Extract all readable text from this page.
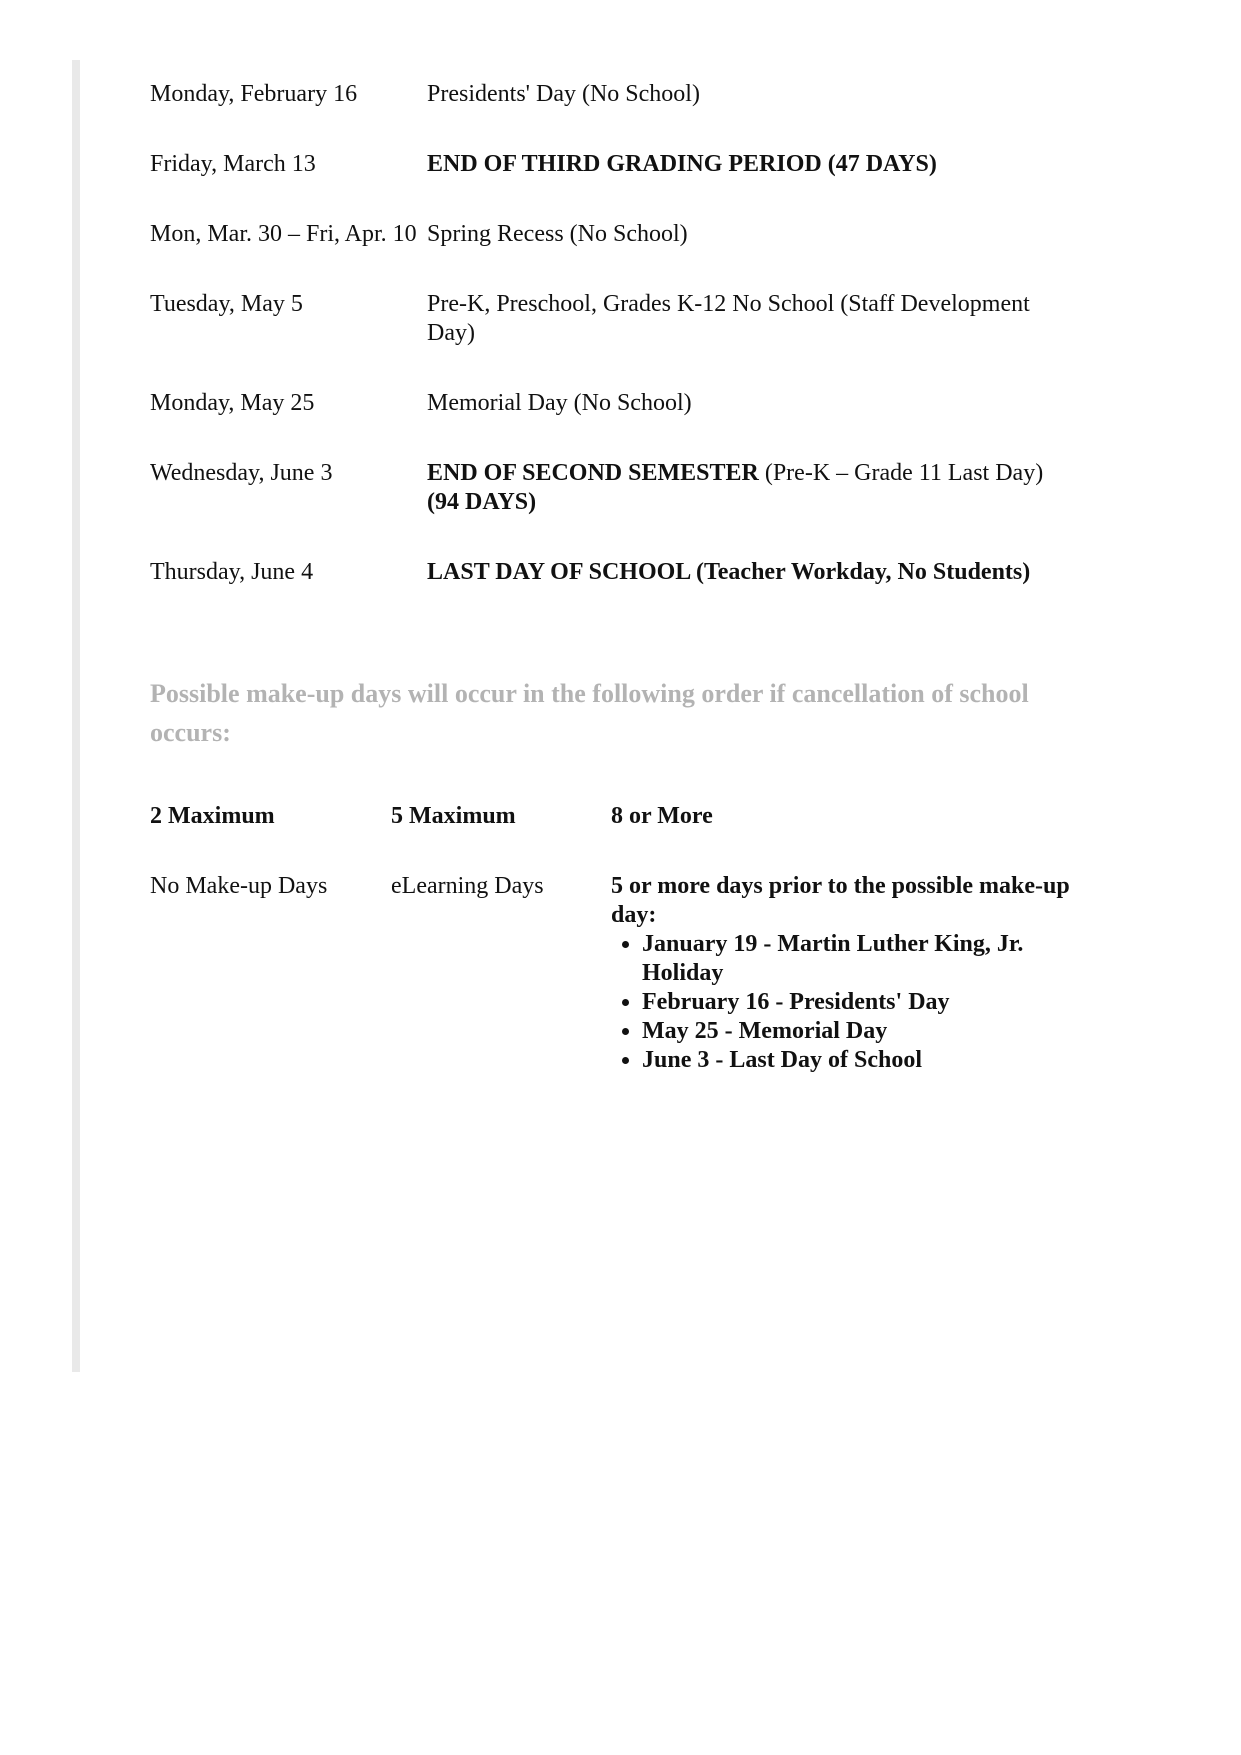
Monday, February 16	Presidents' Day (No School)
Friday, March 13	END OF THIRD GRADING PERIOD (47 DAYS)
Mon, Mar. 30 – Fri, Apr. 10 Spring Recess (No School)
Tuesday, May 5	Pre-K, Preschool, Grades K-12 No School (Staff Development Day)
Monday, May 25	Memorial Day (No School)
Wednesday, June 3	END OF SECOND SEMESTER (Pre-K – Grade 11 Last Day) (94 DAYS)
Thursday, June 4	LAST DAY OF SCHOOL (Teacher Workday, No Students)
Possible make-up days will occur in the following order if cancellation of school occurs:
2 Maximum	5 Maximum	8 or More
No Make-up Days	eLearning Days	5 or more days prior to the possible make-up day:
• January 19 - Martin Luther King, Jr. Holiday
• February 16 - Presidents' Day
• May 25 - Memorial Day
• June 3 - Last Day of School
